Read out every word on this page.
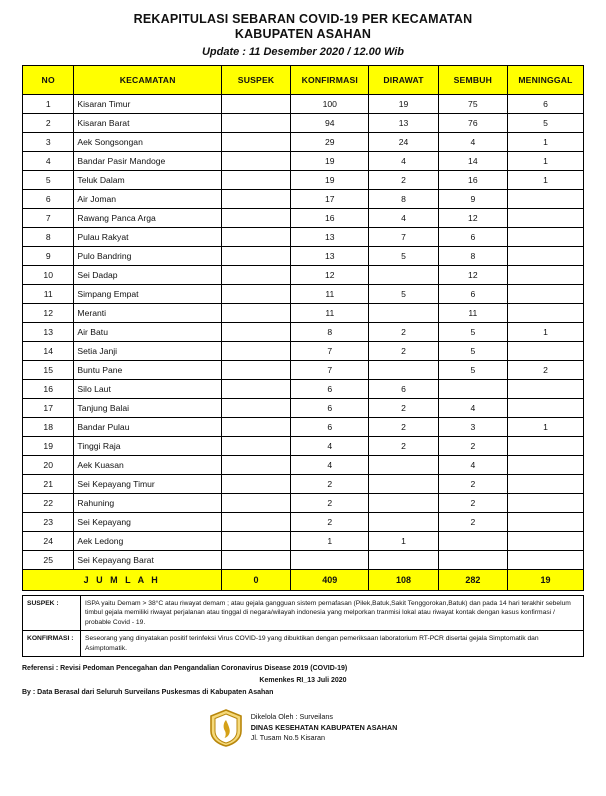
REKAPITULASI SEBARAN COVID-19 PER KECAMATAN
KABUPATEN ASAHAN
Update : 11 Desember 2020 / 12.00 Wib
NO	KECAMATAN	SUSPEK	KONFIRMASI	DIRAWAT	SEMBUH	MENINGGAL
1	Kisaran Timur		100	19	75	6
2	Kisaran Barat		94	13	76	5
3	Aek Songsongan		29	24	4	1
4	Bandar Pasir Mandoge		19	4	14	1
5	Teluk Dalam		19	2	16	1
6	Air Joman		17	8	9	
7	Rawang Panca Arga		16	4	12	
8	Pulau Rakyat		13	7	6	
9	Pulo Bandring		13	5	8	
10	Sei Dadap		12		12	
11	Simpang Empat		11	5	6	
12	Meranti		11		11	
13	Air Batu		8	2	5	1
14	Setia Janji		7	2	5	
15	Buntu Pane		7		5	2
16	Silo Laut		6	6		
17	Tanjung Balai		6	2	4	
18	Bandar Pulau		6	2	3	1
19	Tinggi Raja		4	2	2	
20	Aek Kuasan		4		4	
21	Sei Kepayang Timur		2		2	
22	Rahuning		2		2	
23	Sei Kepayang		2		2	
24	Aek Ledong		1	1		
25	Sei Kepayang Barat					
J U M L A H		0	409	108	282	19
SUSPEK :	ISPA yaitu Demam > 38°C atau riwayat demam ; atau gejala gangguan sistem pernafasan (Pilek,Batuk,Sakit Tenggorokan,Batuk) dan pada 14 hari terakhir sebelum timbul gejala memiliki riwayat perjalanan atau tinggal di negara/wilayah indonesia yang melporkan tranmisi lokal atau riwayat kontak dengan kasus konfirmasi / probable Covid - 19.
KONFIRMASI :	Seseorang yang dinyatakan positif terinfeksi Virus COVID-19 yang dibuktikan dengan pemeriksaan laboratorium RT-PCR disertai gejala Simptomatik dan Asimptomatik.
Referensi : Revisi Pedoman Pencegahan dan Pengandalian Coronavirus Disease 2019 (COVID-19)
Kemenkes RI_13 Juli 2020
By : Data Berasal dari Seluruh Surveilans Puskesmas di Kabupaten Asahan
Dikelola Oleh : Surveilans
DINAS KESEHATAN KABUPATEN ASAHAN
Jl. Tusam No.5 Kisaran
